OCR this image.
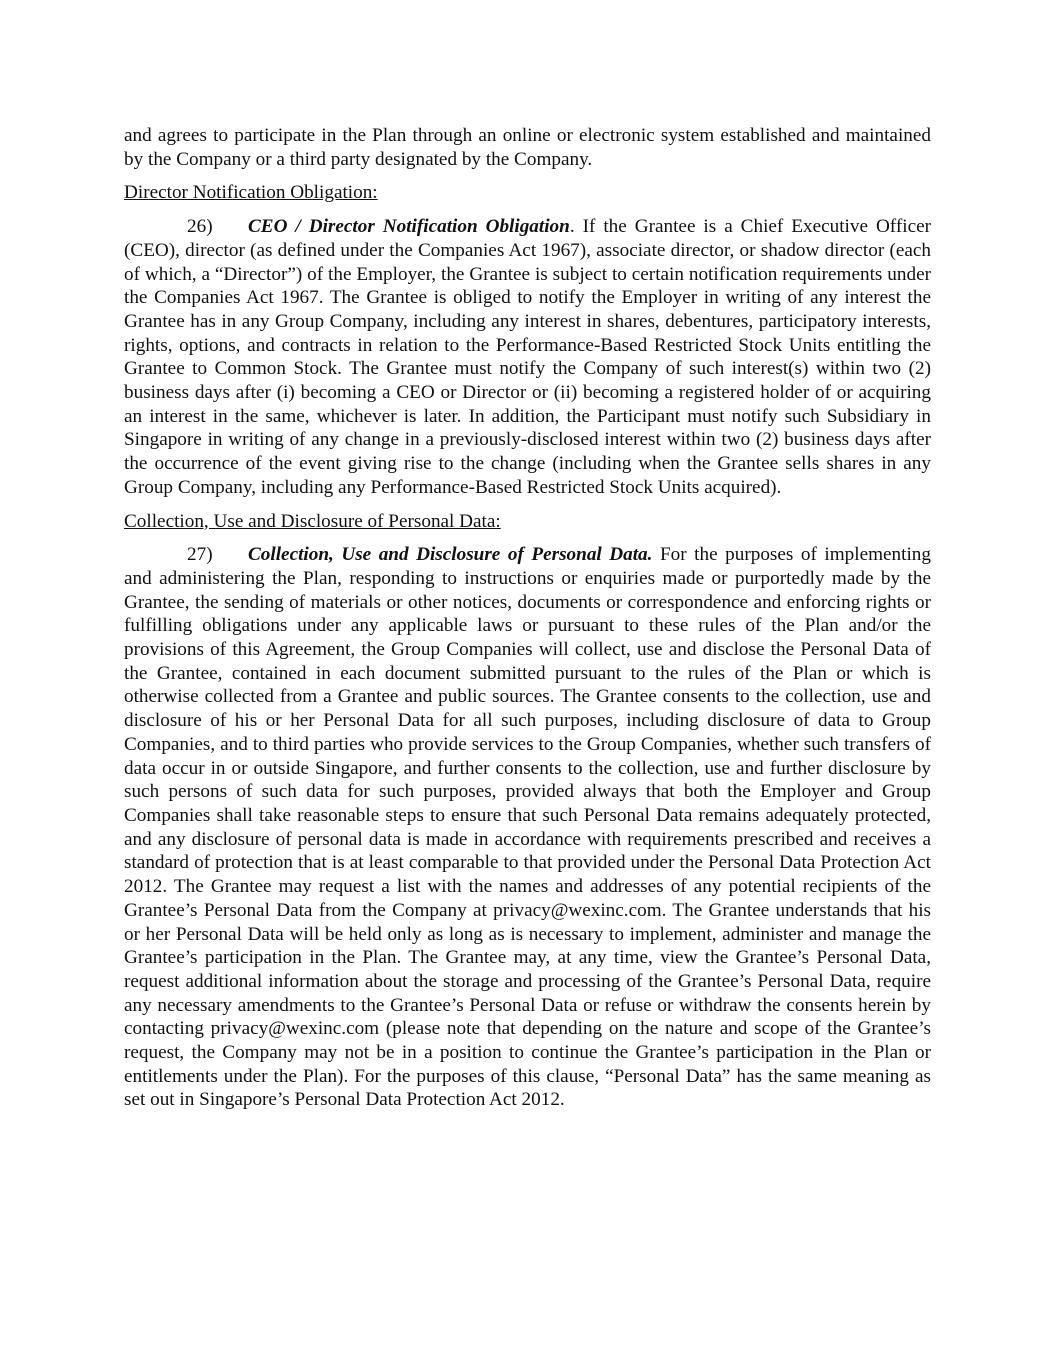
and agrees to participate in the Plan through an online or electronic system established and maintained by the Company or a third party designated by the Company.

Director Notification Obligation:

26) CEO / Director Notification Obligation. If the Grantee is a Chief Executive Officer (CEO), director (as defined under the Companies Act 1967), associate director, or shadow director (each of which, a “Director”) of the Employer, the Grantee is subject to certain notification requirements under the Companies Act 1967. The Grantee is obliged to notify the Employer in writing of any interest the Grantee has in any Group Company, including any interest in shares, debentures, participatory interests, rights, options, and contracts in relation to the Performance-Based Restricted Stock Units entitling the Grantee to Common Stock. The Grantee must notify the Company of such interest(s) within two (2) business days after (i) becoming a CEO or Director or (ii) becoming a registered holder of or acquiring an interest in the same, whichever is later. In addition, the Participant must notify such Subsidiary in Singapore in writing of any change in a previously-disclosed interest within two (2) business days after the occurrence of the event giving rise to the change (including when the Grantee sells shares in any Group Company, including any Performance-Based Restricted Stock Units acquired).

Collection, Use and Disclosure of Personal Data:

27) Collection, Use and Disclosure of Personal Data. For the purposes of implementing and administering the Plan, responding to instructions or enquiries made or purportedly made by the Grantee, the sending of materials or other notices, documents or correspondence and enforcing rights or fulfilling obligations under any applicable laws or pursuant to these rules of the Plan and/or the provisions of this Agreement, the Group Companies will collect, use and disclose the Personal Data of the Grantee, contained in each document submitted pursuant to the rules of the Plan or which is otherwise collected from a Grantee and public sources. The Grantee consents to the collection, use and disclosure of his or her Personal Data for all such purposes, including disclosure of data to Group Companies, and to third parties who provide services to the Group Companies, whether such transfers of data occur in or outside Singapore, and further consents to the collection, use and further disclosure by such persons of such data for such purposes, provided always that both the Employer and Group Companies shall take reasonable steps to ensure that such Personal Data remains adequately protected, and any disclosure of personal data is made in accordance with requirements prescribed and receives a standard of protection that is at least comparable to that provided under the Personal Data Protection Act 2012. The Grantee may request a list with the names and addresses of any potential recipients of the Grantee’s Personal Data from the Company at privacy@wexinc.com. The Grantee understands that his or her Personal Data will be held only as long as is necessary to implement, administer and manage the Grantee’s participation in the Plan. The Grantee may, at any time, view the Grantee’s Personal Data, request additional information about the storage and processing of the Grantee’s Personal Data, require any necessary amendments to the Grantee’s Personal Data or refuse or withdraw the consents herein by contacting privacy@wexinc.com (please note that depending on the nature and scope of the Grantee’s request, the Company may not be in a position to continue the Grantee’s participation in the Plan or entitlements under the Plan). For the purposes of this clause, “Personal Data” has the same meaning as set out in Singapore’s Personal Data Protection Act 2012.
